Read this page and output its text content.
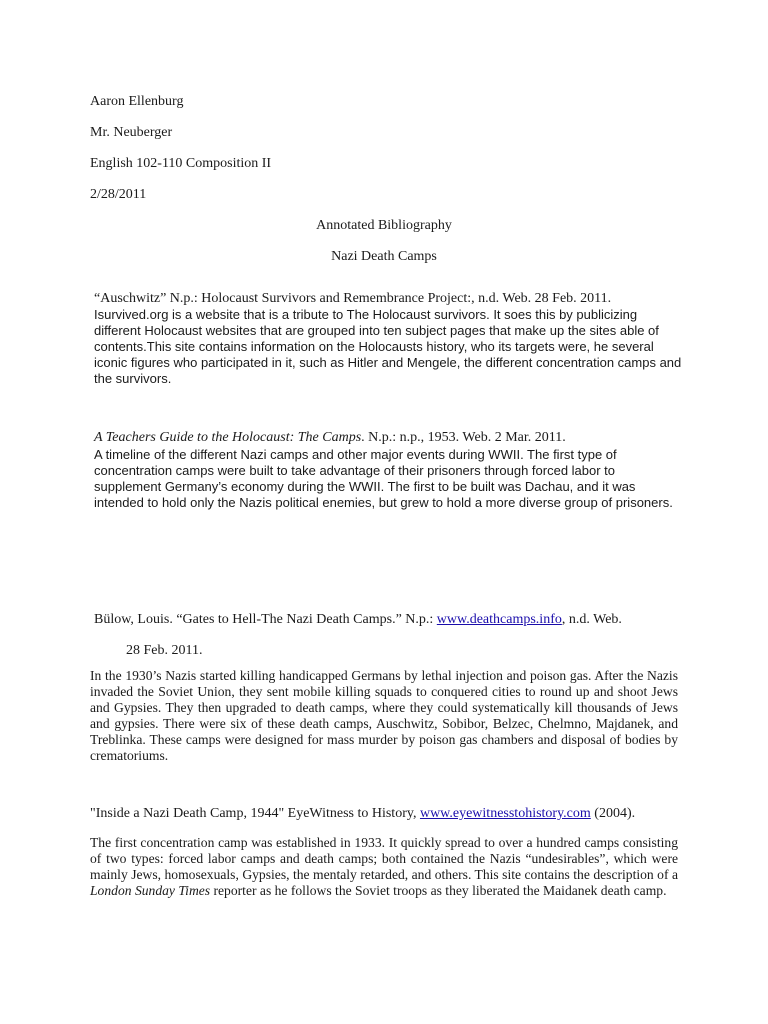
Aaron Ellenburg
Mr. Neuberger
English 102-110 Composition II
2/28/2011
Annotated Bibliography
Nazi Death Camps
“Auschwitz” N.p.: Holocaust Survivors and Remembrance Project:, n.d. Web. 28 Feb. 2011.

Isurvived.org is a website that is a tribute to The Holocaust survivors. It soes this by publicizing different Holocaust websites that are grouped into ten subject pages that make up the sites able of contents.This site contains information on the Holocausts history, who its targets were, he several iconic figures who participated in it, such as Hitler and Mengele, the different concentration camps and the survivors.

A Teachers Guide to the Holocaust: The Camps. N.p.: n.p., 1953. Web. 2 Mar. 2011.

A timeline of the different Nazi camps and other major events during WWII. The first type of concentration camps were built to take advantage of their prisoners through forced labor to supplement Germany’s economy during the WWII. The first to be built was Dachau, and it was intended to hold only the Nazis political enemies, but grew to hold a more diverse group of prisoners.

Bülow, Louis. “Gates to Hell-The Nazi Death Camps.” N.p.: www.deathcamps.info, n.d. Web.
28 Feb. 2011.

In the 1930’s Nazis started killing handicapped Germans by lethal injection and poison gas. After the Nazis invaded the Soviet Union, they sent mobile killing squads to conquered cities to round up and shoot Jews and Gypsies. They then upgraded to death camps, where they could systematically kill thousands of Jews and gypsies. There were six of these death camps, Auschwitz, Sobibor, Belzec, Chelmno, Majdanek, and Treblinka. These camps were designed for mass murder by poison gas chambers and disposal of bodies by crematoriums.

"Inside a Nazi Death Camp, 1944" EyeWitness to History, www.eyewitnesstohistory.com (2004).

The first concentration camp was established in 1933. It quickly spread to over a hundred camps consisting of two types: forced labor camps and death camps; both contained the Nazis “undesirables”, which were mainly Jews, homosexuals, Gypsies, the mentaly retarded, and others. This site contains the description of a London Sunday Times reporter as he follows the Soviet troops as they liberated the Maidanek death camp.
